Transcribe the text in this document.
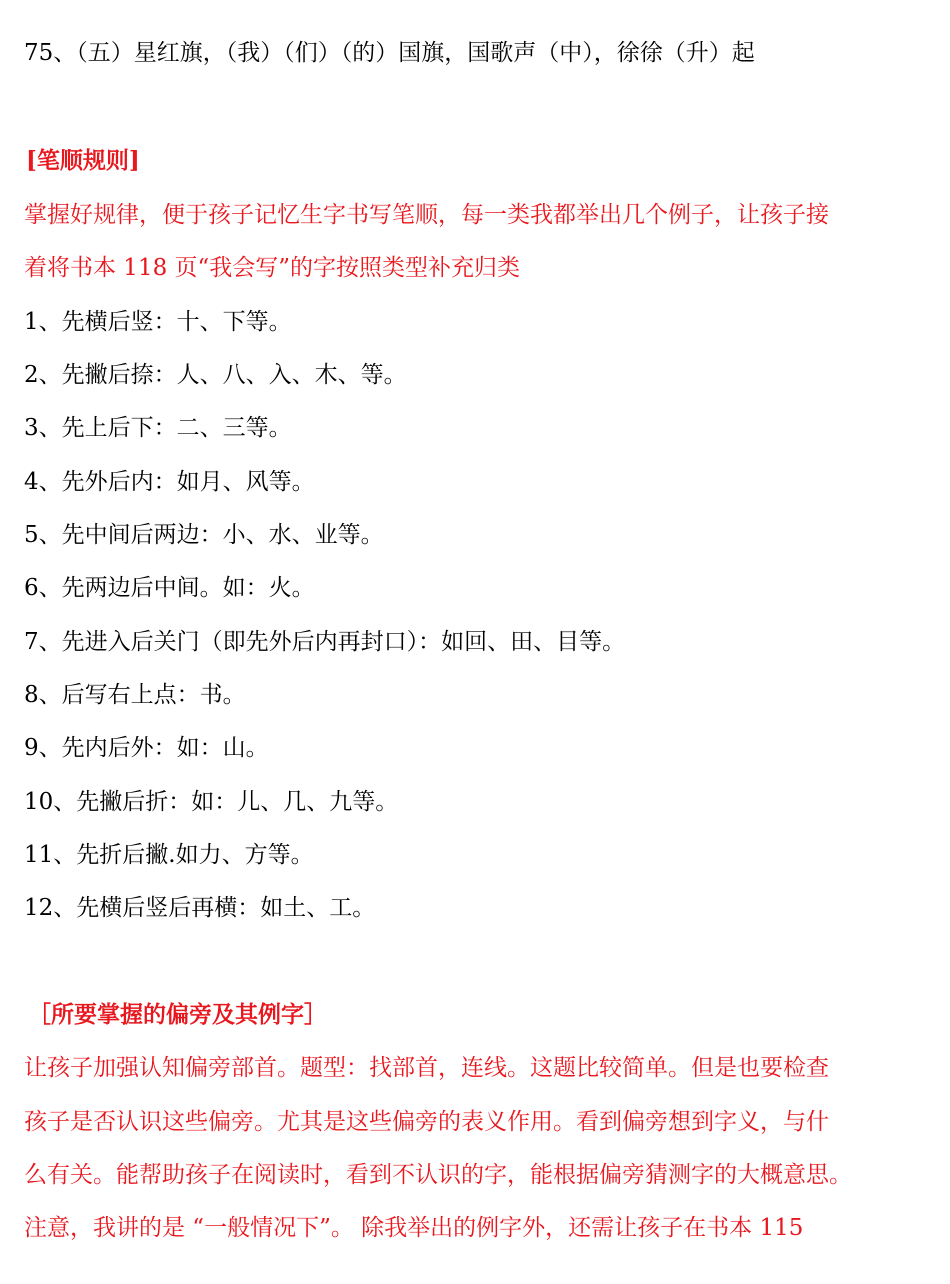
75、（五）星红旗，（我）（们）（的）国旗，国歌声（中），徐徐（升）起
[笔顺规则]
掌握好规律，便于孩子记忆生字书写笔顺，每一类我都举出几个例子，让孩子接
着将书本 118 页“我会写”的字按照类型补充归类
1、先横后竖：十、下等。
2、先撇后捺：人、八、入、木、等。
3、先上后下：二、三等。
4、先外后内：如月、风等。
5、先中间后两边：小、水、业等。
6、先两边后中间。如：火。
7、先进入后关门（即先外后内再封口）：如回、田、目等。
8、后写右上点：书。
9、先内后外：如：山。
10、先撇后折：如：儿、几、九等。
11、先折后撇.如力、方等。
12、先横后竖后再横：如土、工。
［所要掌握的偏旁及其例字］
让孩子加强认知偏旁部首。题型：找部首，连线。这题比较简单。但是也要检查
孩子是否认识这些偏旁。尤其是这些偏旁的表义作用。看到偏旁想到字义，与什
么有关。能帮助孩子在阅读时，看到不认识的字，能根据偏旁猜测字的大概意思。
注意，我讲的是 “一般情况下”。 除我举出的例字外，还需让孩子在书本 115
